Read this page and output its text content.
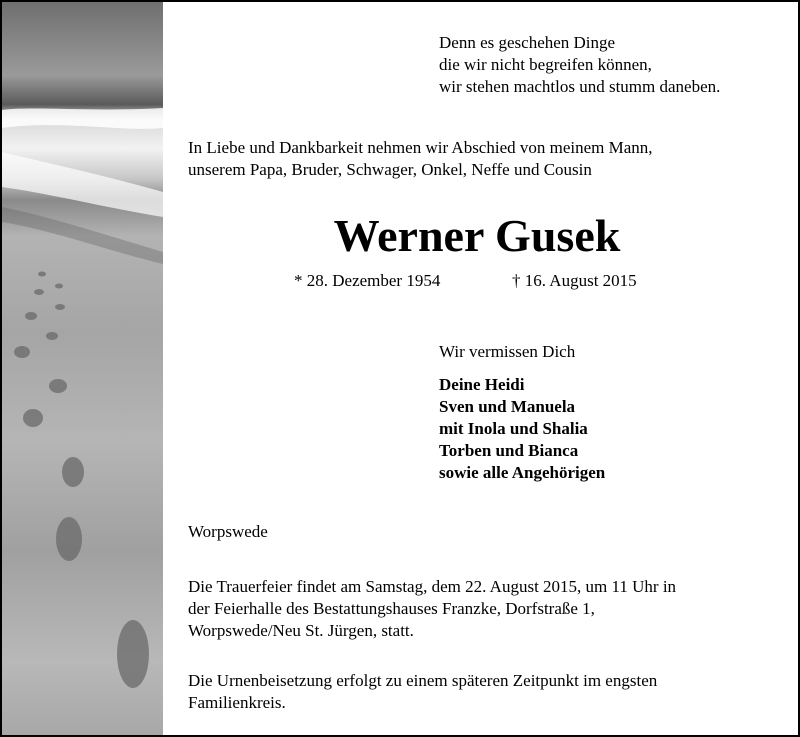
Denn es geschehen Dinge
die wir nicht begreifen können,
wir stehen machtlos und stumm daneben.
In Liebe und Dankbarkeit nehmen wir Abschied von meinem Mann,
unserem Papa, Bruder, Schwager, Onkel, Neffe und Cousin
Werner Gusek
* 28. Dezember 1954	† 16. August 2015
Wir vermissen Dich
Deine Heidi
Sven und Manuela
mit Inola und Shalia
Torben und Bianca
sowie alle Angehörigen
Worpswede
Die Trauerfeier findet am Samstag, dem 22. August 2015, um 11 Uhr in
der Feierhalle des Bestattungshauses Franzke, Dorfstraße 1,
Worpswede/Neu St. Jürgen, statt.
Die Urnenbeisetzung erfolgt zu einem späteren Zeitpunkt im engsten
Familienkreis.
